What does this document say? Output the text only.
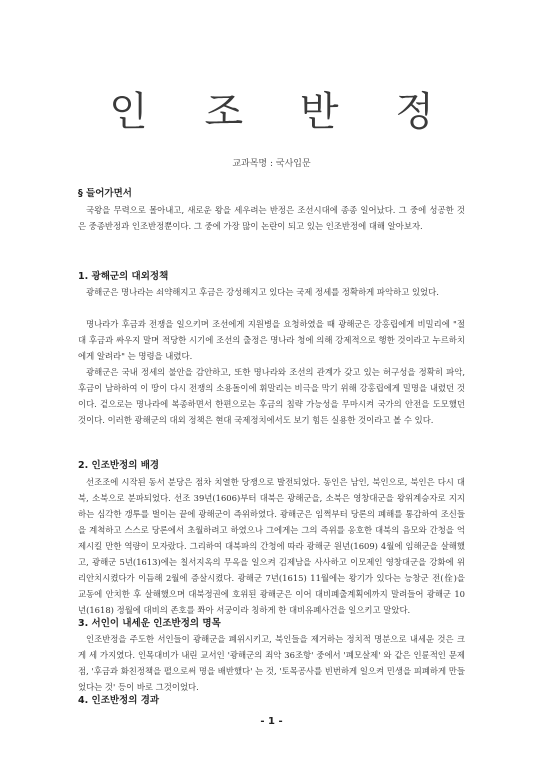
인 조 반 정
교과목명 : 국사입문
§ 들어가면서

국왕을 무력으로 몰아내고, 새로운 왕을 세우려는 반정은 조선시대에 종종 일어났다. 그 중에 성공한 것은 중종반정과 인조반정뿐이다. 그 중에 가장 많이 논란이 되고 있는 인조반정에 대해 알아보자.

1. 광해군의 대외정책

광해군은 명나라는 쇠약해지고 후금은 강성해지고 있다는 국제 정세를 정확하게 파악하고 있었다.

명나라가 후금과 전쟁을 일으키며 조선에게 지원병을 요청하였을 때 광해군은 강홍립에게 비밀리에 "절대 후금과 싸우지 말며 적당한 시기에 조선의 출정은 명나라 청에 의해 강제적으로 행한 것이라고 누르하치에게 알려라" 는 명령을 내렸다.

광해군은 국내 정세의 불안을 감안하고, 또한 명나라와 조선의 관계가 갖고 있는 허구성을 정확히 파악, 후금이 남하하여 이 땅이 다시 전쟁의 소용돌이에 휘말리는 비극을 막기 위해 강홍립에게 밀명을 내렸던 것이다. 겉으로는 명나라에 복종하면서 한편으로는 후금의 침략 가능성을 무마시켜 국가의 안전을 도모했던 것이다. 이러한 광해군의 대외 정책은 현대 국제정치에서도 보기 힘든 실용한 것이라고 볼 수 있다.

2. 인조반정의 배경

선조조에 시작된 동서 분당은 점차 치열한 당쟁으로 발전되었다. 동인은 남인, 북인으로, 북인은 다시 대북, 소북으로 분파되었다. 선조 39년(1606)부터 대북은 광해군을, 소북은 영창대군을 왕위계승자로 지지하는 심각한 갱투를 벌이는 끝에 광해군이 즉위하였다. 광해군은 임쩍부터 당론의 폐해를 통감하여 조신들을 계척하고 스스로 당론에서 초월하려고 하였으나 그에게는 그의 즉위를 옹호한 대북의 음모와 간청을 억제시킬 만한 역량이 모자랐다. 그리하여 대북파의 간청에 따라 광해군 원년(1609) 4월에 임해군을 살해했고, 광해군 5년(1613)에는 칠서지옥의 무옥을 일으켜 김제남을 사사하고 이모제인 영창대군을 강화에 위리안치시켰다가 이듬해 2월에 증살시켰다. 광해군 7년(1615) 11월에는 왕기가 있다는 능창군 전(佺)을 교동에 안치한 후 살해했으며 대북정권에 호위된 광해군은 이어 대비폐출계획에까지 말려들어 광해군 10년(1618) 정월에 대비의 존호를 쫘아 서궁이라 칭하게 한 대비유폐사건을 일으키고 말았다.

3. 서인이 내세운 인조반정의 명목

인조반정을 주도한 서인들이 광해군을 폐위시키고, 북인들을 제거하는 정치적 명분으로 내세운 것은 크게 세 가지였다. 인목대비가 내린 교서인 '광해군의 죄악 36조항' 중에서 '폐모살제' 와 같은 인륜적인 문제점, '후금과 화친정책을 펼으로써 명을 배반했다' 는 것, '토목공사를 빈번하게 일으켜 민생을 피폐하게 만들었다는 것' 등이 바로 그것이었다.

4. 인조반정의 경과
- 1 -
